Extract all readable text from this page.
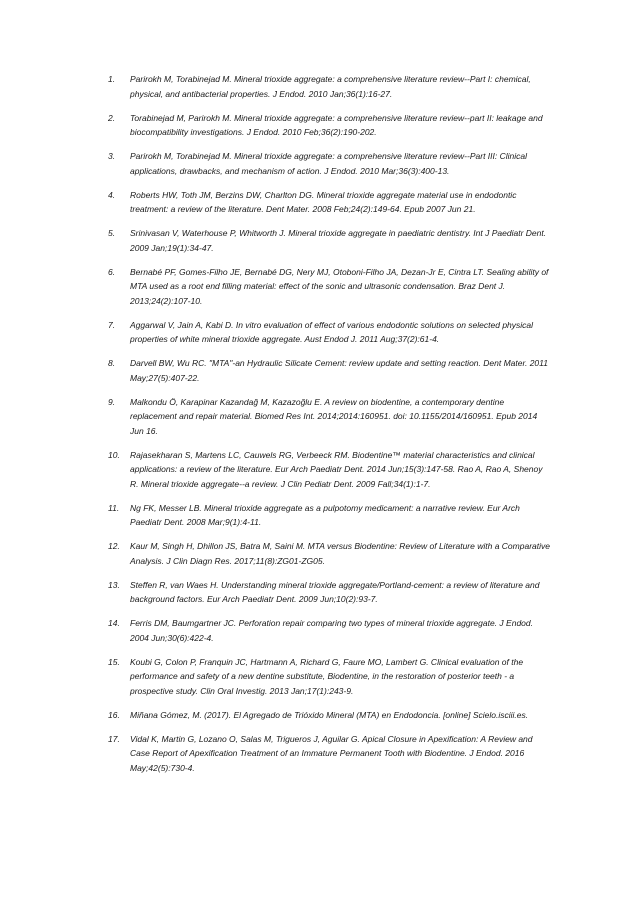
1.	Parirokh M, Torabinejad M. Mineral trioxide aggregate: a comprehensive literature review--Part I: chemical, physical, and antibacterial properties. J Endod. 2010 Jan;36(1):16-27.
2.	Torabinejad M, Parirokh M. Mineral trioxide aggregate: a comprehensive literature review--part II: leakage and biocompatibility investigations. J Endod. 2010 Feb;36(2):190-202.
3.	Parirokh M, Torabinejad M. Mineral trioxide aggregate: a comprehensive literature review--Part III: Clinical applications, drawbacks, and mechanism of action. J Endod. 2010 Mar;36(3):400-13.
4.	Roberts HW, Toth JM, Berzins DW, Charlton DG. Mineral trioxide aggregate material use in endodontic treatment: a review of the literature. Dent Mater. 2008 Feb;24(2):149-64. Epub 2007 Jun 21.
5.	Srinivasan V, Waterhouse P, Whitworth J. Mineral trioxide aggregate in paediatric dentistry. Int J Paediatr Dent. 2009 Jan;19(1):34-47.
6.	Bernabé PF, Gomes-Filho JE, Bernabé DG, Nery MJ, Otoboni-Filho JA, Dezan-Jr E, Cintra LT. Sealing ability of MTA used as a root end filling material: effect of the sonic and ultrasonic condensation. Braz Dent J. 2013;24(2):107-10.
7.	Aggarwal V, Jain A, Kabi D. In vitro evaluation of effect of various endodontic solutions on selected physical properties of white mineral trioxide aggregate. Aust Endod J. 2011 Aug;37(2):61-4.
8.	Darvell BW, Wu RC. "MTA"-an Hydraulic Silicate Cement: review update and setting reaction. Dent Mater. 2011 May;27(5):407-22.
9.	Malkondu Ö, Karapinar Kazandağ M, Kazazoğlu E. A review on biodentine, a contemporary dentine replacement and repair material. Biomed Res Int. 2014;2014:160951. doi: 10.1155/2014/160951. Epub 2014 Jun 16.
10.	Rajasekharan S, Martens LC, Cauwels RG, Verbeeck RM. Biodentine™ material characteristics and clinical applications: a review of the literature. Eur Arch Paediatr Dent. 2014 Jun;15(3):147-58. Rao A, Rao A, Shenoy R. Mineral trioxide aggregate--a review. J Clin Pediatr Dent. 2009 Fall;34(1):1-7.
11.	Ng FK, Messer LB. Mineral trioxide aggregate as a pulpotomy medicament: a narrative review. Eur Arch Paediatr Dent. 2008 Mar;9(1):4-11.
12.	Kaur M, Singh H, Dhillon JS, Batra M, Saini M. MTA versus Biodentine: Review of Literature with a Comparative Analysis. J Clin Diagn Res. 2017;11(8):ZG01-ZG05.
13.	Steffen R, van Waes H. Understanding mineral trioxide aggregate/Portland-cement: a review of literature and background factors. Eur Arch Paediatr Dent. 2009 Jun;10(2):93-7.
14.	Ferris DM, Baumgartner JC. Perforation repair comparing two types of mineral trioxide aggregate. J Endod. 2004 Jun;30(6):422-4.
15.	Koubi G, Colon P, Franquin JC, Hartmann A, Richard G, Faure MO, Lambert G. Clinical evaluation of the performance and safety of a new dentine substitute, Biodentine, in the restoration of posterior teeth - a prospective study. Clin Oral Investig. 2013 Jan;17(1):243-9.
16.	Miñana Gómez, M. (2017). El Agregado de Trióxido Mineral (MTA) en Endodoncia. [online] Scielo.isciii.es.
17.	Vidal K, Martin G, Lozano O, Salas M, Trigueros J, Aguilar G. Apical Closure in Apexification: A Review and Case Report of Apexification Treatment of an Immature Permanent Tooth with Biodentine. J Endod. 2016 May;42(5):730-4.
